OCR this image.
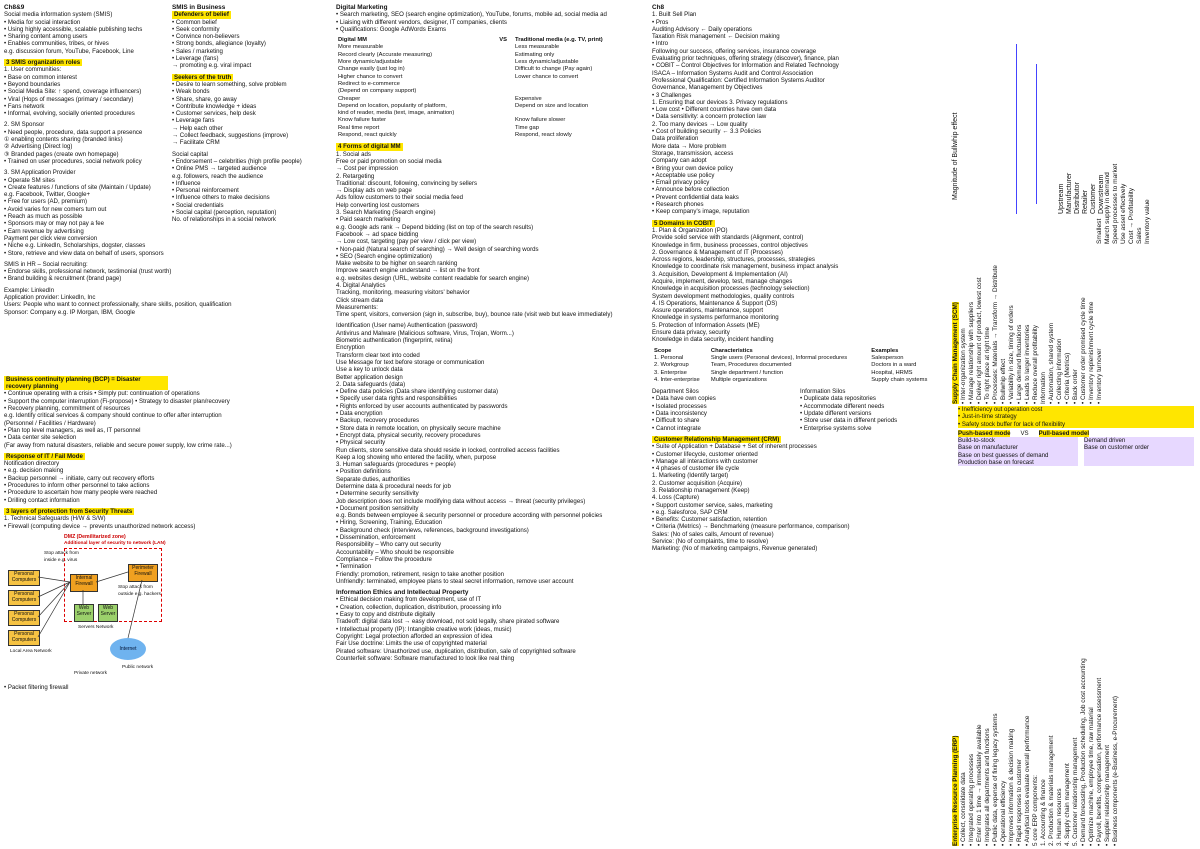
Ch8&9
Social media information system (SMIS)
• Media for social interaction
• Using highly accessible, scalable publishing techs
• Sharing content among users
• Enables communities, tribes, or hives
e.g. discussion forum, YouTube, Facebook, Line
3 SMIS organization roles
1. User communities:
• Base on common interest
• Beyond boundaries
• Social Media Site: ↑ spend, coverage influencers)
• Viral (Hops of messages (primary / secondary)
• Fans network
• Informal, evolving, socially oriented procedures
2. SM Sponsor
• Need people, procedure, data support a presence
① enabling contents sharing (branded links)
② Advertising (Direct log)
③ Branded pages (create own homepage)
• Trained on user procedures, social network policy
3. SM Application Provider
• Operate SM sites
• Create features / functions of site (Maintain / Update)
e.g. Facebook, Twitter, Google+
• Free for users (AD, premium)
• Avoid varies for new comers turn out
• Reach as much as possible
• Sponsors may or may not pay a fee
• Earn revenue by advertising
Payment per click view conversion
• Niche e.g. LinkedIn, Scholarships, dogster, classes
• Store, retrieve and view data on behalf of users, sponsors
SMIS in HR – Social recruiting:
• Endorse skills, professional network, testimonial (trust worth)
• Brand building & recruitment (brand page)
Example: LinkedIn
Application provider: LinkedIn, Inc
Users: People who want to connect professionally, share skills, position, qualification
Sponsor: Company e.g. IP Morgan, IBM, Google
Business continuity planning (BCP) = Disaster recovery planning
• Continue operating with a crisis • Simply put: continuation of operations
• Support the computer interruption (Fi-propose) • Strategy to disaster plan/recovery
• Recovery planning, commitment of resources
e.g. Identify critical services & company should continue to offer after interruption
(Personnel / Facilities / Hardware)
• Plan top level managers, as well as, IT personnel
• Data center site selection
(Far away from natural disasters, reliable and secure power supply, low crime rate...)
Response of IT / Fail Mode
Notification directory
• e.g. decision making
• Backup personnel → initiate, carry out recovery efforts
• Procedures to inform other personnel to take actions
• Procedure to ascertain how many people were reached
• Drilling contact information
3 layers of protection from Security Threats
1. Technical Safeguards (H/W & S/W)
• Firewall (computing device → prevents unauthorized network access)
DMZ (Demilitarized zone)
Additional layer of security to network (LAN)
Stop attack from inside e.g. virus
Stop attack from outside e.g. hackers
Personal Computers
Personal Computers
Personal Computers
Personal Computers
Internal Firewall
Perimeter Firewall
Web Server
Web Server
Servers Network
Internet
Public network
Private network
Local Area Network
• Packet filtering firewall
SMIS in Business
Defenders of belief
• Common belief
• Seek conformity
• Convince non-believers
• Strong bonds, allegiance (loyalty)
• Sales / marketing
• Leverage (fans)
→ promoting e.g. viral impact
Seekers of the truth
• Desire to learn something, solve problem
• Weak bonds
• Share, share, go away
• Contribute knowledge + ideas
• Customer services, help desk
• Leverage fans
→ Help each other
→ Collect feedback, suggestions (improve)
→ Facilitate CRM
Social capital
• Endorsement – celebrities (high profile people)
• Online PMS → targeted audience
e.g. followers, reach the audience
• Influence
• Personal reinforcement
• Influence others to make decisions
• Social credentials
• Social capital (perception, reputation)
No. of relationships in a social network
Digital Marketing
• Search marketing, SEO (search engine optimization), YouTube, forums, mobile ad, social media ad
• Liaising with different vendors, designer, IT companies, clients
• Qualifications: Google AdWords Exams
Digital MM	VS	Traditional media (e.g. TV, print)
More measurable		Less measurable
Record clearly (Accurate measuring)		Estimating only
More dynamic/adjustable		Less dynamic/adjustable
Change easily (just log in)		Difficult to change (Pay again)
Higher chance to convert		Lower chance to convert
Redirect to e-commerce		
(Depend on company support)		
Cheaper		Expensive
Depend on location, popularity of platform,		Depend on size and location
kind of reader, media (text, image, animation)		
Know failure faster		Know failure slower
Real time report		Time gap
Respond, react quickly		Respond, react slowly
4 Forms of digital MM
1. Social ads
Free or paid promotion on social media
→ Cost per impression
2. Retargeting
Traditional: discount, following, convincing by sellers
→ Display ads on web page
Ads follow customers to their social media feed
Help converting lost customers
3. Search Marketing (Search engine)
• Paid search marketing
e.g. Google ads rank → Depend bidding (list on top of the search results)
Facebook → ad space bidding
→ Low cost, targeting (pay per view / click per view)
• Non-paid (Natural search of searching) → Well design of searching words
• SEO (Search engine optimization)
Make website to be higher on search ranking
Improve search engine understand → list on the front
e.g. websites design (URL, website content readable for search engine)
4. Digital Analytics
Tracking, monitoring, measuring visitors' behavior
Click stream data
Measurements:
Time spent, visitors, conversion (sign in, subscribe, buy), bounce rate (visit web but leave immediately)
Identification (User name) Authentication (password)
Antivirus and Malware (Malicious software, Virus, Trojan, Worm...)
Biometric authentication (fingerprint, retina)
Encryption
Transform clear text into coded
Use Message for text before storage or communication
Use a key to unlock data
Better application design
2. Data safeguards (data)
• Define data policies (Data share identifying customer data)
• Specify user data rights and responsibilities
• Rights enforced by user accounts authenticated by passwords
• Data encryption
• Backup, recovery procedures
• Store data in remote location, on physically secure machine
• Encrypt data, physical security, recovery procedures
• Physical security
Run clients, store sensitive data should reside in locked, controlled access facilities
Keep a log showing who entered the facility, when, purpose
3. Human safeguards (procedures + people)
• Position definitions
Separate duties, authorities
Determine data & procedural needs for job
• Determine security sensitivity
Job description does not include modifying data without access → threat (security privileges)
• Document position sensitivity
e.g. Bonds between employee & security personnel or procedure according with personnel policies
• Hiring, Screening, Training, Education
• Background check (interviews, references, background investigations)
• Dissemination, enforcement
Responsibility – Who carry out security
Accountability – Who should be responsible
Compliance – Follow the procedure
• Termination
Friendly: promotion, retirement, resign to take another position
Unfriendly: terminated, employee plans to steal secret information, remove user account
Information Ethics and Intellectual Property
• Ethical decision making from development, use of IT
• Creation, collection, duplication, distribution, processing info
• Easy to copy and distribute digitally
Tradeoff: digital data lost → easy download, not sold legally, share pirated software
• Intellectual property (IP): Intangible creative work (ideas, music)
Copyright: Legal protection afforded an expression of idea
Fair Use doctrine: Limits the use of copyrighted material
Pirated software: Unauthorized use, duplication, distribution, sale of copyrighted software
Counterfeit software: Software manufactured to look like real thing
Ch8
1. Built Sell Plan
• Pros
Auditing Advisory ← Daily operations
Taxation Risk management ← Decision making
• Intro
Following our success, offering services, insurance coverage
Evaluating prior techniques, offering strategy (discover), finance, plan
• COBIT – Control Objectives for Information and Related Technology
ISACA – Information Systems Audit and Control Association
Professional Qualification: Certified Information Systems Auditor
Governance, Management by Objectives
• 3 Challenges
1. Ensuring that our devices 3. Privacy regulations
• Low cost • Different countries have own data
• Data sensitivity: a concern protection law
2. Too many devices → Low quality
• Cost of building security ← 3.3 Policies
Data proliferation
More data → More problem
Storage, transmission, access
Company can adopt
• Bring your own device policy
• Acceptable use policy
• Email privacy policy
• Announce before collection
• Prevent confidential data leaks
• Research phones
• Keep company's image, reputation
5 Domains in COBIT
1. Plan & Organization (PO)
Provide solid service with standards (Alignment, control)
Knowledge in firm, business processes, control objectives
2. Governance & Management of IT (Processes)
Across regions, leadership, structures, processes, strategies
Knowledge to coordinate risk management, business impact analysis
3. Acquisition, Development & Implementation (AI)
Acquire, implement, develop, test, manage changes
Knowledge in acquisition processes (technology selection)
System development methodologies, quality controls
4. IS Operations, Maintenance & Support (DS)
Assure operations, maintenance, support
Knowledge in systems performance monitoring
5. Protection of Information Assets (ME)
Ensure data privacy, security
Knowledge in data security, incident handling
Scope	Characteristics	Examples
1. Personal	Single users (Personal devices), Informal procedures	Salesperson
2. Workgroup	Team, Procedures documented	Doctors in a ward
3. Enterprise	Single department / function	Hospital, HRMS
4. Inter-enterprise	Multiple organizations	Supply chain systems
Department Silos
• Data have own copies
• Isolated processes
• Data inconsistency
• Difficult to share
• Cannot integrate
Information Silos
• Duplicate data repositories
• Accommodate different needs
• Update different versions
• Store user data in different periods
• Enterprise systems solve
Customer Relationship Management (CRM)
• Suite of Application + Database + Set of inherent processes
• Customer lifecycle, customer oriented
• Manage all interactions with customer
• 4 phases of customer life cycle
1. Marketing (Identify target)
2. Customer acquisition (Acquire)
3. Relationship management (Keep)
4. Loss (Capture)
• Support customer service, sales, marketing
• e.g. Salesforce, SAP CRM
• Benefits: Customer satisfaction, retention
• Criteria (Metrics) → Benchmarking (measure performance, comparison)
Sales: (No of sales calls, Amount of revenue)
Service: (No of complaints, time to resolve)
Marketing: (No of marketing campaigns, Revenue generated)
Supply Chain Management (SCM) • Inter-organization system • Manage relationship with suppliers • Deliver right amount of product, lowest cost • To right place at right time • Processes: Materials → Transform → Distribute • Bullwhip effect • Variability in size, timing of orders • Large demand fluctuations • Leads to larger inventories • Reduce overall profitability Information • Automation, shared system • Collecting information • Criteria (Metrics) • Back order • Customer order promised cycle time • Inventory replenishment cycle time • Inventory turnover
Upstream Manufacturer Distributor Retailer Customer Downstream
Magnitude of Bullwhip effect
Smallest March supply in demand Speed processes to market Use asset effectively Cost → Profitability Sales Inventory value
• Inefficiency out operation cost
• Just-in-time strategy
• Safety stock buffer for lack of flexibility
Push-based mode VS Pull-based model
Build-to-stock
Base on manufacturer
Base on best guesses of demand
Production base on forecast
Demand driven
Base on customer order
Enterprise Resource Planning (ERP) • Collect, consolidate data • Integrated operating processes • Enter into 1 time → immediately available • Integrates all departments and functions • Public data, expense of fixing legacy systems • Operational efficiency • Improves information & decision making • Rapid responses to customer • Analytical tools evaluate overall performance 5 core ERP components: 1. Accounting & finance 2. Production & materials management 3. Human resources 4. Supply chain management 5. Customer relationship management • Demand forecasting, Production scheduling, Job cost accounting • Optimize machine, employee time, raw material • Payroll, benefits, compensation, performance assessment • Supplier relationship management • Business components (e-Business, e-Procurement)
